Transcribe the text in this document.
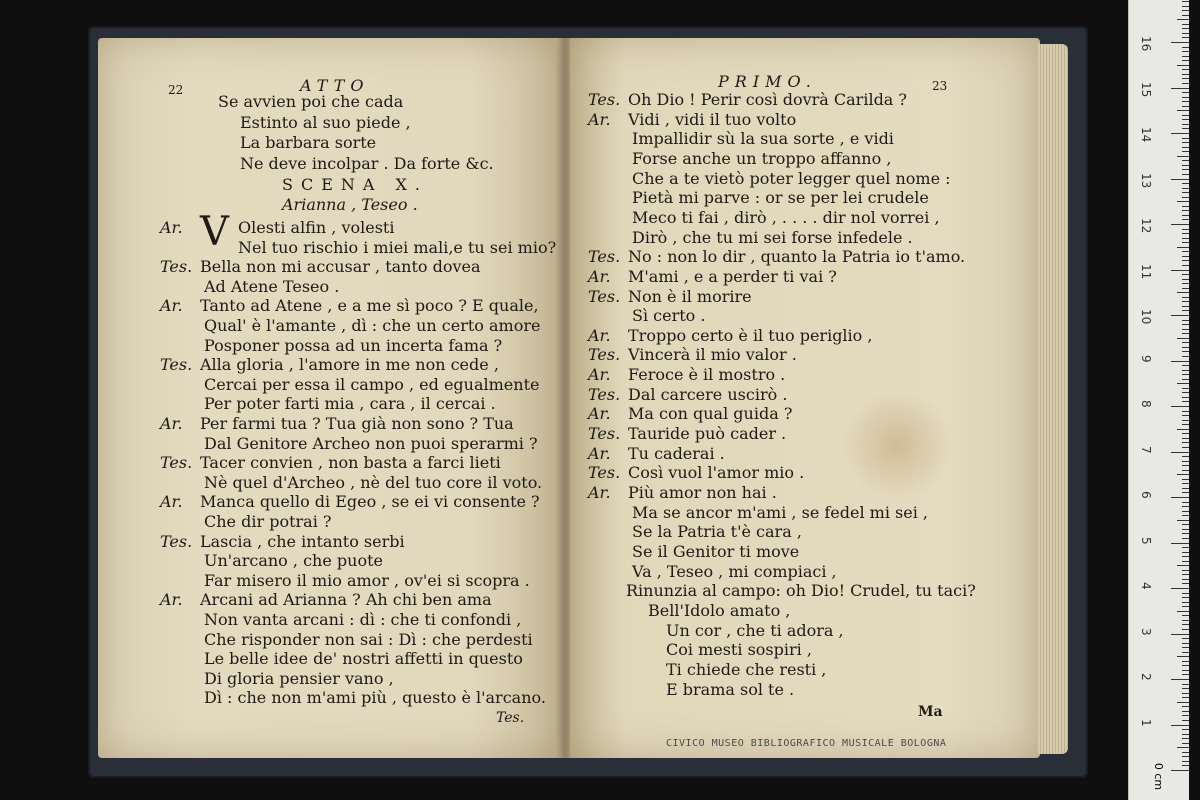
22	ATTO
Se avvien poi che cada
Estinto al suo piede ,
La barbara sorte
Ne deve incolpar . Da forte &c.
SCENA X.
Arianna , Teseo .
V
Ar.	Olesti alfin , volesti
Nel tuo rischio i miei mali,e tu sei mio?
Tes. Bella non mi accusar , tanto dovea
Ad Atene Teseo .
Ar. Tanto ad Atene , e a me sì poco ? E quale,
Qual' è l'amante , dì : che un certo amore
Posponer possa ad un incerta fama ?
Tes. Alla gloria , l'amore in me non cede ,
Cercai per essa il campo , ed egualmente
Per poter farti mia , cara , il cercai .
Ar. Per farmi tua ? Tua già non sono ? Tua
Dal Genitore Archeo non puoi sperarmi ?
Tes. Tacer convien , non basta a farci lieti
Nè quel d'Archeo , nè del tuo core il voto.
Ar. Manca quello di Egeo , se ei vi consente ?
Che dir potrai ?
Tes. Lascia , che intanto serbi
Un'arcano , che puote
Far misero il mio amor , ov'ei si scopra .
Ar. Arcani ad Arianna ? Ah chi ben ama
Non vanta arcani : dì : che ti confondi ,
Che risponder non sai : Dì : che perdesti
Le belle idee de' nostri affetti in questo
Di gloria pensier vano ,
Dì : che non m'ami più , questo è l'arcano.
Tes.
PRIMO.	23
Tes. Oh Dio ! Perir così dovrà Carilda ?
Ar. Vidi , vidi il tuo volto
Impallidir sù la sua sorte , e vidi
Forse anche un troppo affanno ,
Che a te vietò poter legger quel nome :
Pietà mi parve : or se per lei crudele
Meco ti fai , dirò , . . . . dir nol vorrei ,
Dirò , che tu mi sei forse infedele .
Tes. No : non lo dir , quanto la Patria io t'amo.
Ar. M'ami , e a perder ti vai ?
Tes. Non è il morire
Sì certo .
Ar. Troppo certo è il tuo periglio ,
Tes. Vincerà il mio valor .
Ar. Feroce è il mostro .
Tes. Dal carcere uscirò .
Ar. Ma con qual guida ?
Tes. Tauride può cader .
Ar. Tu caderai .
Tes. Così vuol l'amor mio .
Ar. Più amor non hai .
Ma se ancor m'ami , se fedel mi sei ,
Se la Patria t'è cara ,
Se il Genitor ti move
Va , Teseo , mi compiaci ,
Rinunzia al campo: oh Dio! Crudel, tu taci?
Bell'Idolo amato ,
Un cor , che ti adora ,
Coi mesti sospiri ,
Ti chiede che resti ,
E brama sol te .
Ma
CIVICO MUSEO BIBLIOGRAFICO MUSICALE BOLOGNA
0 cm
1
2
3
4
5
6
7
8
9
10
11
12
13
14
15
16
